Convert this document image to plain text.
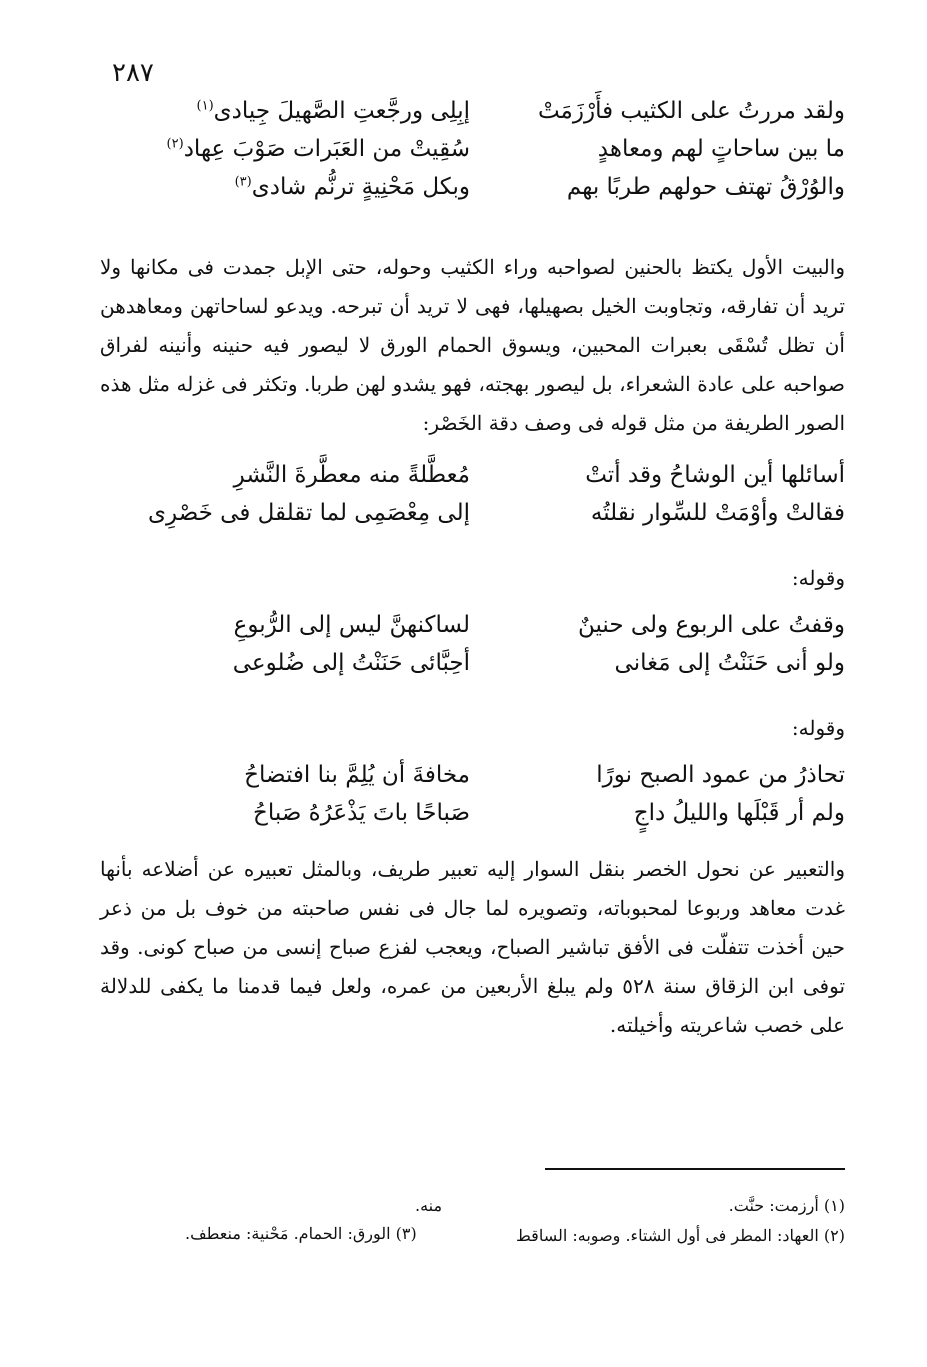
٢٨٧
ولقد مررتُ على الكثيب فأَرْزَمَتْ
إبِلِى ورجَّعتِ الصَّهيلَ جِيادى$^{(١)}$
ما بين ساحاتٍ لهم ومعاهدٍ
سُقِيتْ من العَبَرات صَوْبَ عِهاد$^{(٢)}$
والوُرْقُ تهتف حولهم طربًا بهم
وبكل مَحْنِيةٍ ترنُّم شادى$^{(٣)}$
والبيت الأول يكتظ بالحنين لصواحبه وراء الكثيب وحوله، حتى الإبل جمدت فى مكانها ولا تريد أن تفارقه، وتجاوبت الخيل بصهيلها، فهى لا تريد أن تبرحه. ويدعو لساحاتهن ومعاهدهن أن تظل تُسْقَى بعبرات المحبين، ويسوق الحمام الورق لا ليصور فيه حنينه وأنينه لفراق صواحبه على عادة الشعراء، بل ليصور بهجته، فهو يشدو لهن طربا. وتكثر فى غزله مثل هذه الصور الطريفة من مثل قوله فى وصف دقة الخَصْر:
أسائلها أين الوشاحُ وقد أتتْ
مُعطَّلةً منه معطَّرةَ النَّشرِ
فقالتْ وأوْمَتْ للسِّوار نقلتُه
إلى مِعْصَمِى لما تقلقل فى خَصْرِى
وقوله:
وقفتُ على الربوع ولى حنينٌ
لساكنهنَّ ليس إلى الرُّبوعِ
ولو أنى حَنَنْتُ إلى مَغانى
أحِبَّائى حَنَنْتُ إلى ضُلوعى
وقوله:
تحاذرُ من عمود الصبح نورًا
مخافةَ أن يُلِمَّ بنا افتضاحُ
ولم أر قَبْلَها والليلُ داجٍ
صَباحًا باتَ يَذْعَرُهُ صَباحُ
والتعبير عن نحول الخصر بنقل السوار إليه تعبير طريف، وبالمثل تعبيره عن أضلاعه بأنها غدت معاهد وربوعا لمحبوباته، وتصويره لما جال فى نفس صاحبته من خوف بل من ذعر حين أخذت تتفلّت فى الأفق تباشير الصباح، ويعجب لفزع صباح إنسى من صباح كونى. وقد توفى ابن الزقاق سنة ٥٢٨ ولم يبلغ الأربعين من عمره، ولعل فيما قدمنا ما يكفى للدلالة على خصب شاعريته وأخيلته.
(١) أرزمت: حنَّت.
منه.
(٢) العهاد: المطر فى أول الشتاء. وصوبه: الساقط
(٣) الورق: الحمام. مَحْنية: منعطف.
